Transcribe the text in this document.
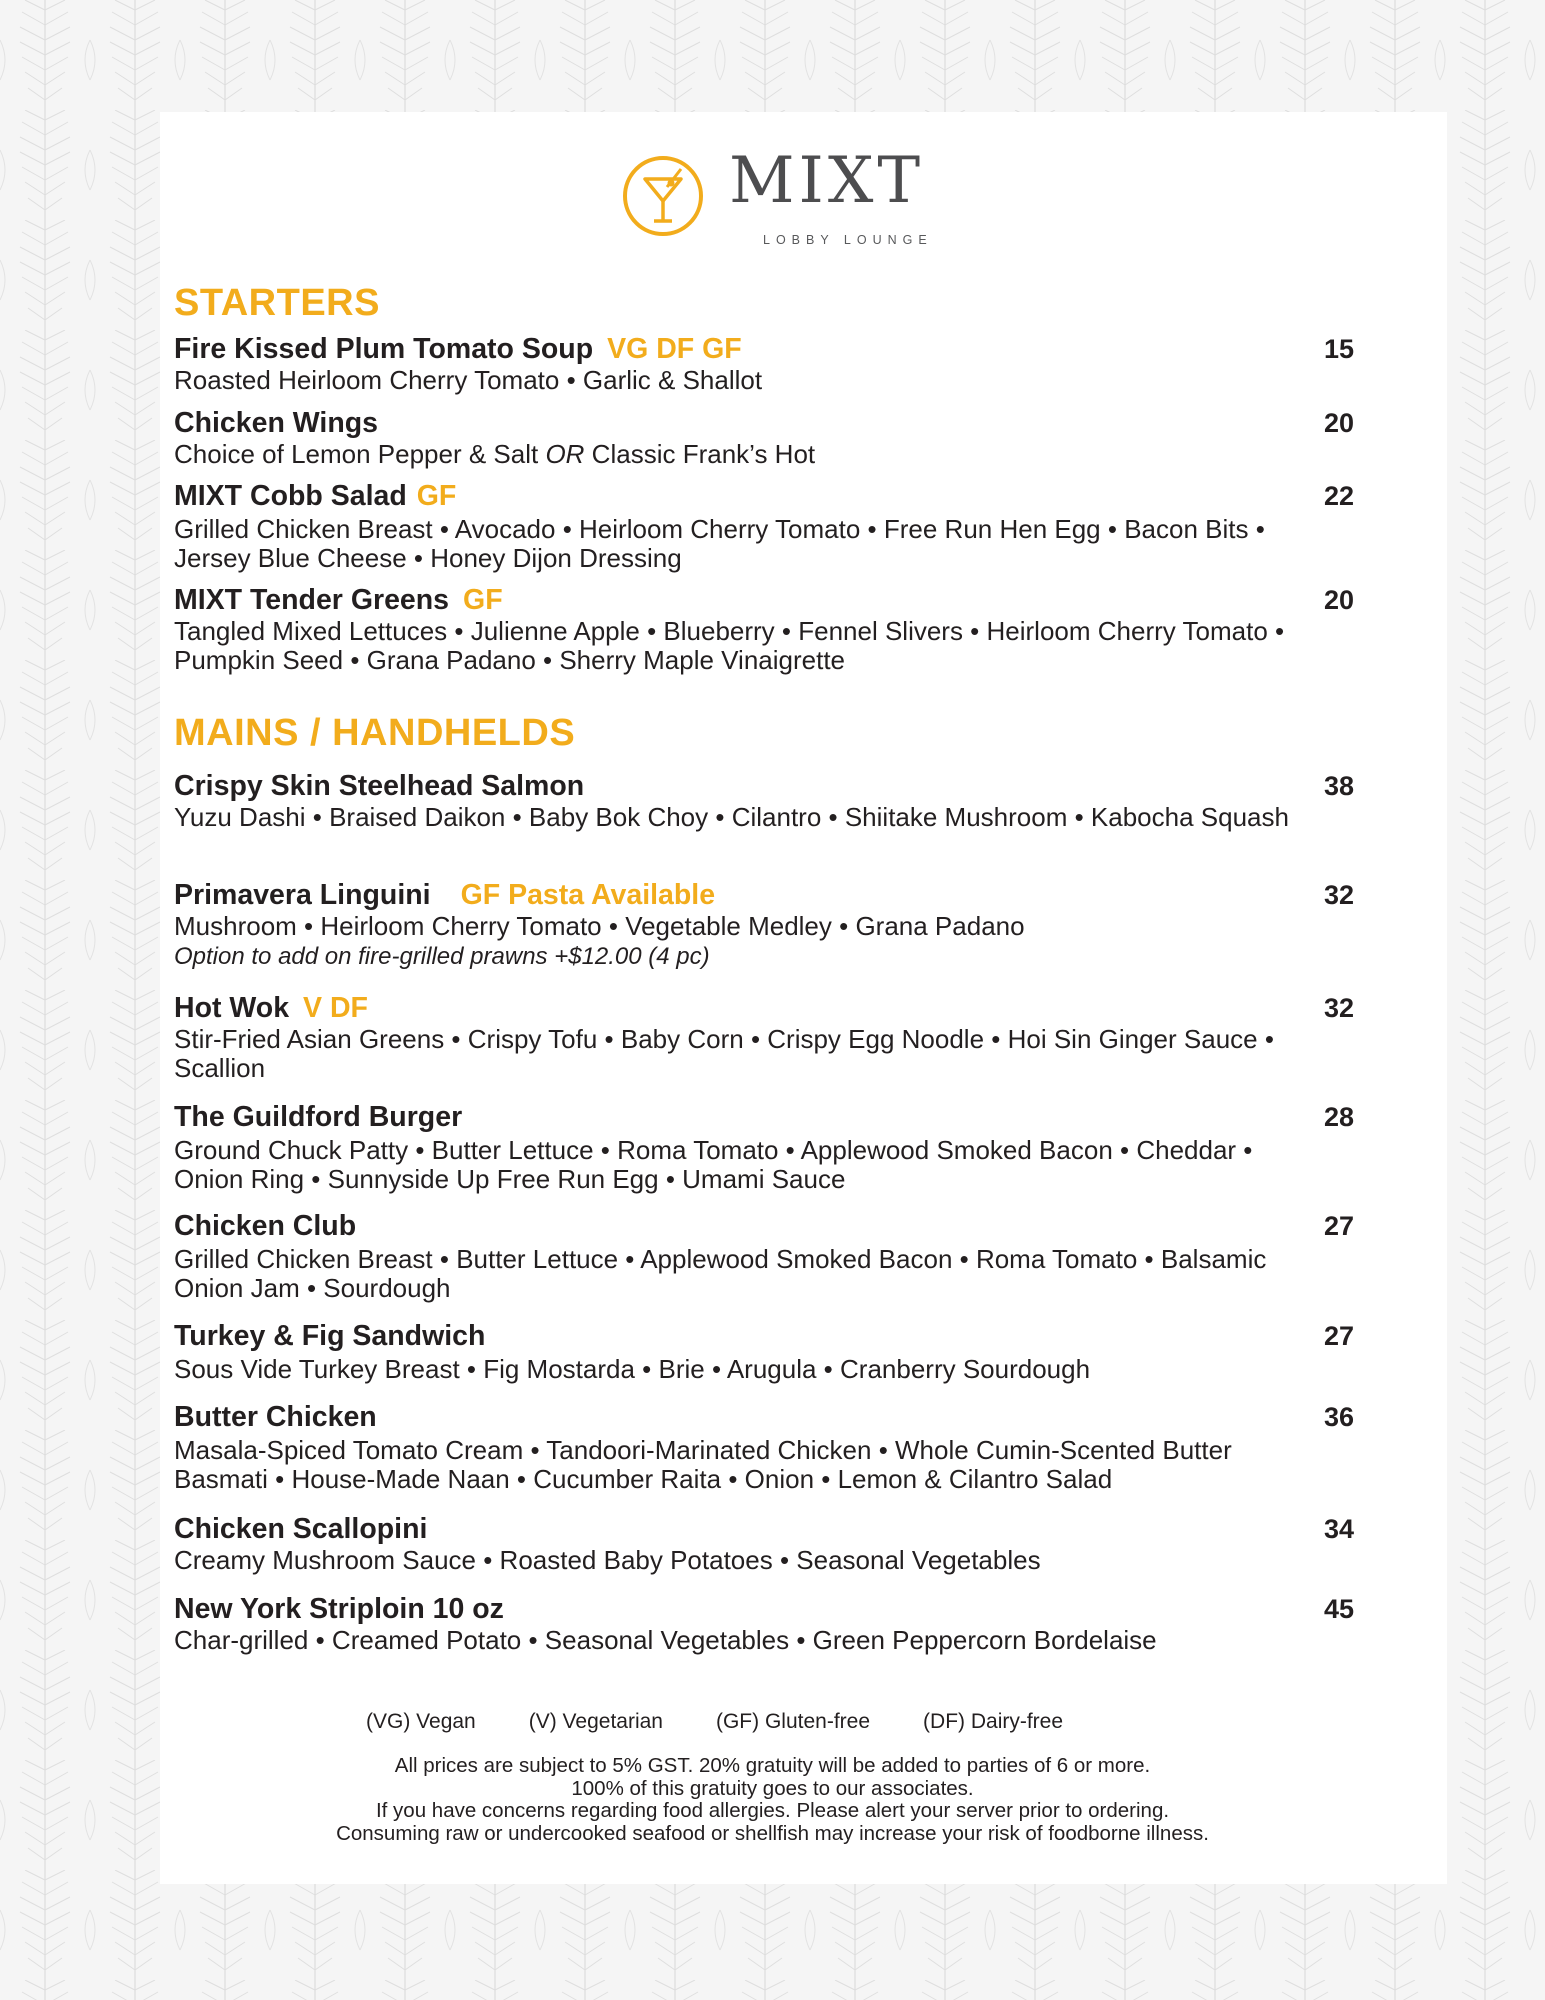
MIXT
LOBBY LOUNGE
STARTERS
Fire Kissed Plum Tomato Soup VG DF GF
Roasted Heirloom Cherry Tomato • Garlic & Shallot
15
Chicken Wings
Choice of Lemon Pepper & Salt OR Classic Frank’s Hot
20
MIXT Cobb Salad GF
Grilled Chicken Breast • Avocado • Heirloom Cherry Tomato • Free Run Hen Egg • Bacon Bits • Jersey Blue Cheese • Honey Dijon Dressing
22
MIXT Tender Greens GF
Tangled Mixed Lettuces • Julienne Apple • Blueberry • Fennel Slivers • Heirloom Cherry Tomato • Pumpkin Seed • Grana Padano • Sherry Maple Vinaigrette
20
MAINS / HANDHELDS
Crispy Skin Steelhead Salmon
Yuzu Dashi • Braised Daikon • Baby Bok Choy • Cilantro • Shiitake Mushroom • Kabocha Squash
38
Primavera Linguini GF Pasta Available
Mushroom • Heirloom Cherry Tomato • Vegetable Medley • Grana Padano
Option to add on fire-grilled prawns +$12.00 (4 pc)
32
Hot Wok V DF
Stir-Fried Asian Greens • Crispy Tofu • Baby Corn • Crispy Egg Noodle • Hoi Sin Ginger Sauce • Scallion
32
The Guildford Burger
Ground Chuck Patty • Butter Lettuce • Roma Tomato • Applewood Smoked Bacon • Cheddar • Onion Ring • Sunnyside Up Free Run Egg • Umami Sauce
28
Chicken Club
Grilled Chicken Breast • Butter Lettuce • Applewood Smoked Bacon • Roma Tomato • Balsamic Onion Jam • Sourdough
27
Turkey & Fig Sandwich
Sous Vide Turkey Breast • Fig Mostarda • Brie • Arugula • Cranberry Sourdough
27
Butter Chicken
Masala-Spiced Tomato Cream • Tandoori-Marinated Chicken • Whole Cumin-Scented Butter Basmati • House-Made Naan • Cucumber Raita • Onion • Lemon & Cilantro Salad
36
Chicken Scallopini
Creamy Mushroom Sauce • Roasted Baby Potatoes • Seasonal Vegetables
34
New York Striploin 10 oz
Char-grilled • Creamed Potato • Seasonal Vegetables • Green Peppercorn Bordelaise
45
(VG) Vegan	(V) Vegetarian	(GF) Gluten-free	(DF) Dairy-free
All prices are subject to 5% GST. 20% gratuity will be added to parties of 6 or more.
100% of this gratuity goes to our associates.
If you have concerns regarding food allergies. Please alert your server prior to ordering.
Consuming raw or undercooked seafood or shellfish may increase your risk of foodborne illness.
